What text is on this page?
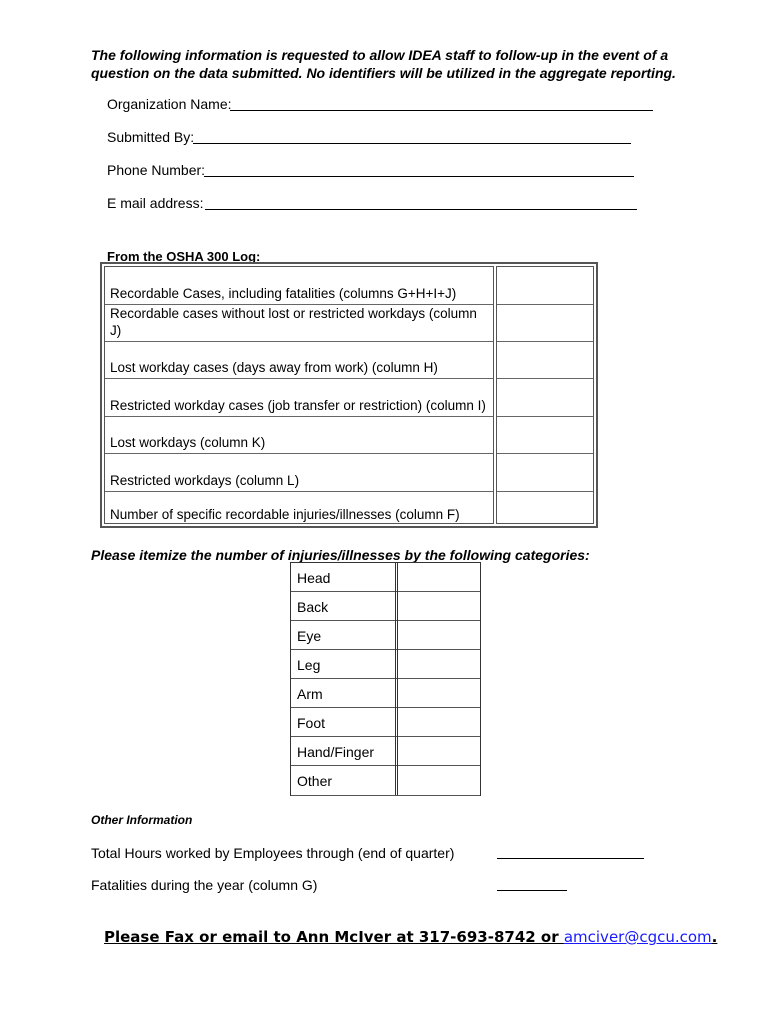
The following information is requested to allow IDEA staff to follow-up in the event of a question on the data submitted. No identifiers will be utilized in the aggregate reporting.

Organization Name:
Submitted By:
Phone Number:
E mail address:
From the OSHA 300 Log:
Recordable Cases, including fatalities (columns G+H+I+J)
Recordable cases without lost or restricted workdays (column J)
Lost workday cases (days away from work) (column H)
Restricted workday cases (job transfer or restriction) (column I)
Lost workdays (column K)
Restricted workdays (column L)
Number of specific recordable injuries/illnesses (column F)
Please itemize the number of injuries/illnesses by the following categories:
Head
Back
Eye
Leg
Arm
Foot
Hand/Finger
Other
Other Information
Total Hours worked by Employees through (end of quarter)
Fatalities during the year (column G)
Please Fax or email to Ann McIver at 317-693-8742 or amciver@cgcu.com.
